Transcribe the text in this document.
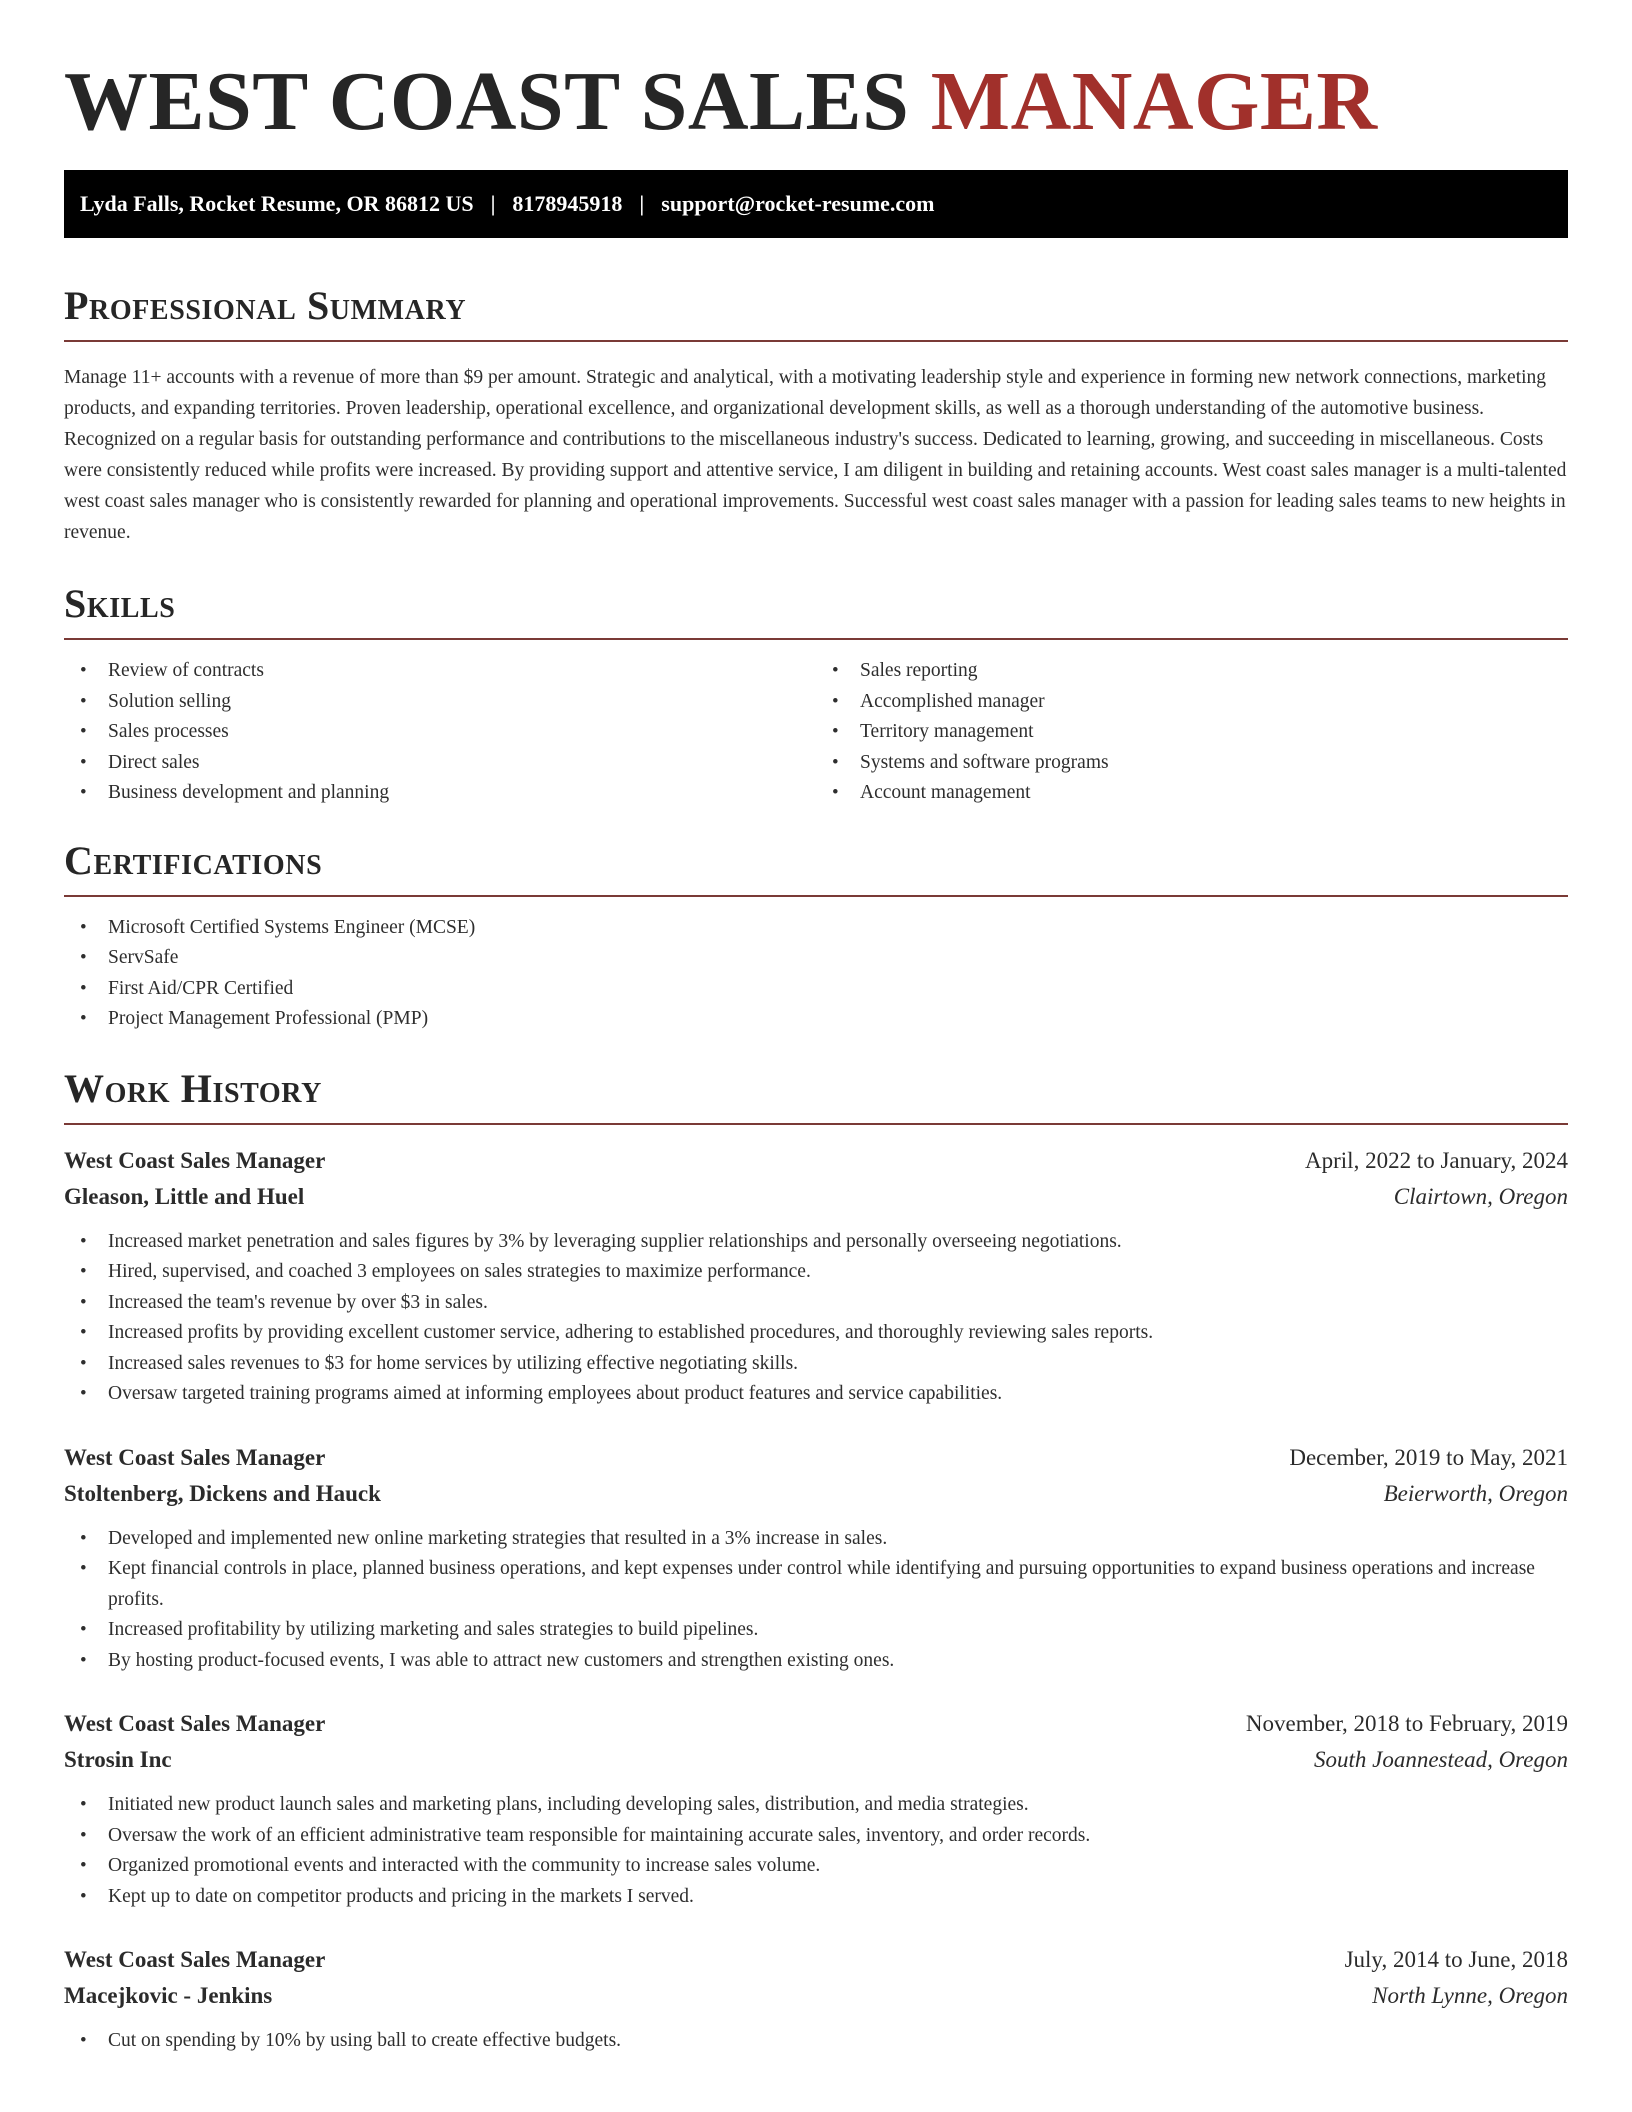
WEST COAST SALES MANAGER
Lyda Falls, Rocket Resume, OR 86812 US | 8178945918 | support@rocket-resume.com
Professional Summary

Manage 11+ accounts with a revenue of more than $9 per amount. Strategic and analytical, with a motivating leadership style and experience in forming new network connections, marketing products, and expanding territories. Proven leadership, operational excellence, and organizational development skills, as well as a thorough understanding of the automotive business. Recognized on a regular basis for outstanding performance and contributions to the miscellaneous industry's success. Dedicated to learning, growing, and succeeding in miscellaneous. Costs were consistently reduced while profits were increased. By providing support and attentive service, I am diligent in building and retaining accounts. West coast sales manager is a multi-talented west coast sales manager who is consistently rewarded for planning and operational improvements. Successful west coast sales manager with a passion for leading sales teams to new heights in revenue.

Skills
• Review of contracts
• Solution selling
• Sales processes
• Direct sales
• Business development and planning
• Sales reporting
• Accomplished manager
• Territory management
• Systems and software programs
• Account management
Certifications
• Microsoft Certified Systems Engineer (MCSE)
• ServSafe
• First Aid/CPR Certified
• Project Management Professional (PMP)
Work History
West Coast Sales Manager	April, 2022 to January, 2024
Gleason, Little and Huel	Clairtown, Oregon
• Increased market penetration and sales figures by 3% by leveraging supplier relationships and personally overseeing negotiations.
• Hired, supervised, and coached 3 employees on sales strategies to maximize performance.
• Increased the team's revenue by over $3 in sales.
• Increased profits by providing excellent customer service, adhering to established procedures, and thoroughly reviewing sales reports.
• Increased sales revenues to $3 for home services by utilizing effective negotiating skills.
• Oversaw targeted training programs aimed at informing employees about product features and service capabilities.
West Coast Sales Manager	December, 2019 to May, 2021
Stoltenberg, Dickens and Hauck	Beierworth, Oregon
• Developed and implemented new online marketing strategies that resulted in a 3% increase in sales.
• Kept financial controls in place, planned business operations, and kept expenses under control while identifying and pursuing opportunities to expand business operations and increase profits.
• Increased profitability by utilizing marketing and sales strategies to build pipelines.
• By hosting product-focused events, I was able to attract new customers and strengthen existing ones.
West Coast Sales Manager	November, 2018 to February, 2019
Strosin Inc	South Joannestead, Oregon
• Initiated new product launch sales and marketing plans, including developing sales, distribution, and media strategies.
• Oversaw the work of an efficient administrative team responsible for maintaining accurate sales, inventory, and order records.
• Organized promotional events and interacted with the community to increase sales volume.
• Kept up to date on competitor products and pricing in the markets I served.
West Coast Sales Manager	July, 2014 to June, 2018
Macejkovic - Jenkins	North Lynne, Oregon
• Cut on spending by 10% by using ball to create effective budgets.
